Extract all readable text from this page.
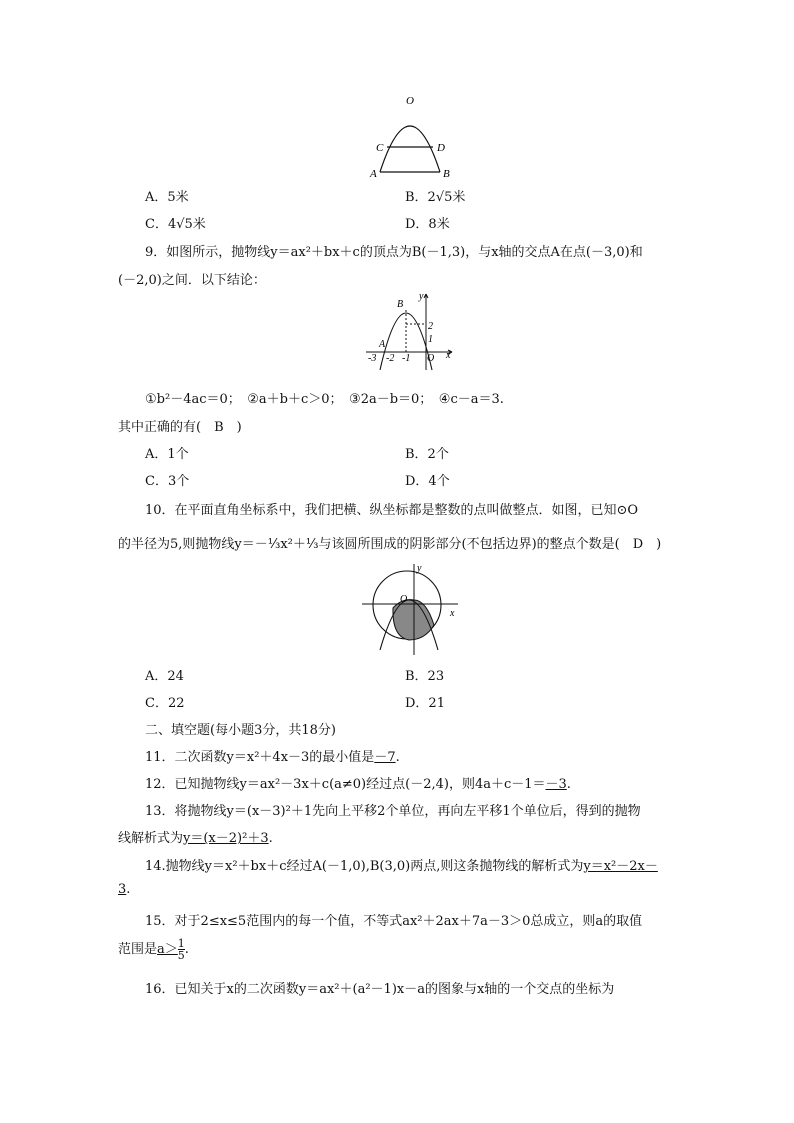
O
C	D
A	B
A．5米	B．2√5米
C．4√5米	D．8米
9．如图所示，抛物线y＝ax²＋bx＋c的顶点为B(－1,3)，与x轴的交点A在点(－3,0)和
(－2,0)之间．以下结论：
B
y
A
-3 -2 -1 O x
2
1
①b²－4ac＝0；　②a＋b＋c＞0；　③2a－b＝0；　④c－a＝3.
其中正确的有(　B　)
A．1个	B．2个
C．3个	D．4个
10．在平面直角坐标系中，我们把横、纵坐标都是整数的点叫做整点．如图，已知⊙O
的半径为5,则抛物线y＝－⅓x²＋⅓与该圆所围成的阴影部分(不包括边界)的整点个数是(　D　)
y
O
x
A．24	B．23
C．22	D．21
二、填空题(每小题3分，共18分)
11．二次函数y＝x²＋4x－3的最小值是－7.
12．已知抛物线y＝ax²－3x＋c(a≠0)经过点(－2,4)，则4a＋c－1＝－3.
13．将抛物线y＝(x－3)²＋1先向上平移2个单位，再向左平移1个单位后，得到的抛物
线解析式为y＝(x－2)²＋3.
14.抛物线y＝x²＋bx＋c经过A(－1,0),B(3,0)两点,则这条抛物线的解析式为y＝x²－2x－
3.
15．对于2≤x≤5范围内的每一个值，不等式ax²＋2ax＋7a－3＞0总成立，则a的取值
范围是$a> \frac{1}{5}$ .
16．已知关于x的二次函数y＝ax²＋(a²－1)x－a的图象与x轴的一个交点的坐标为
